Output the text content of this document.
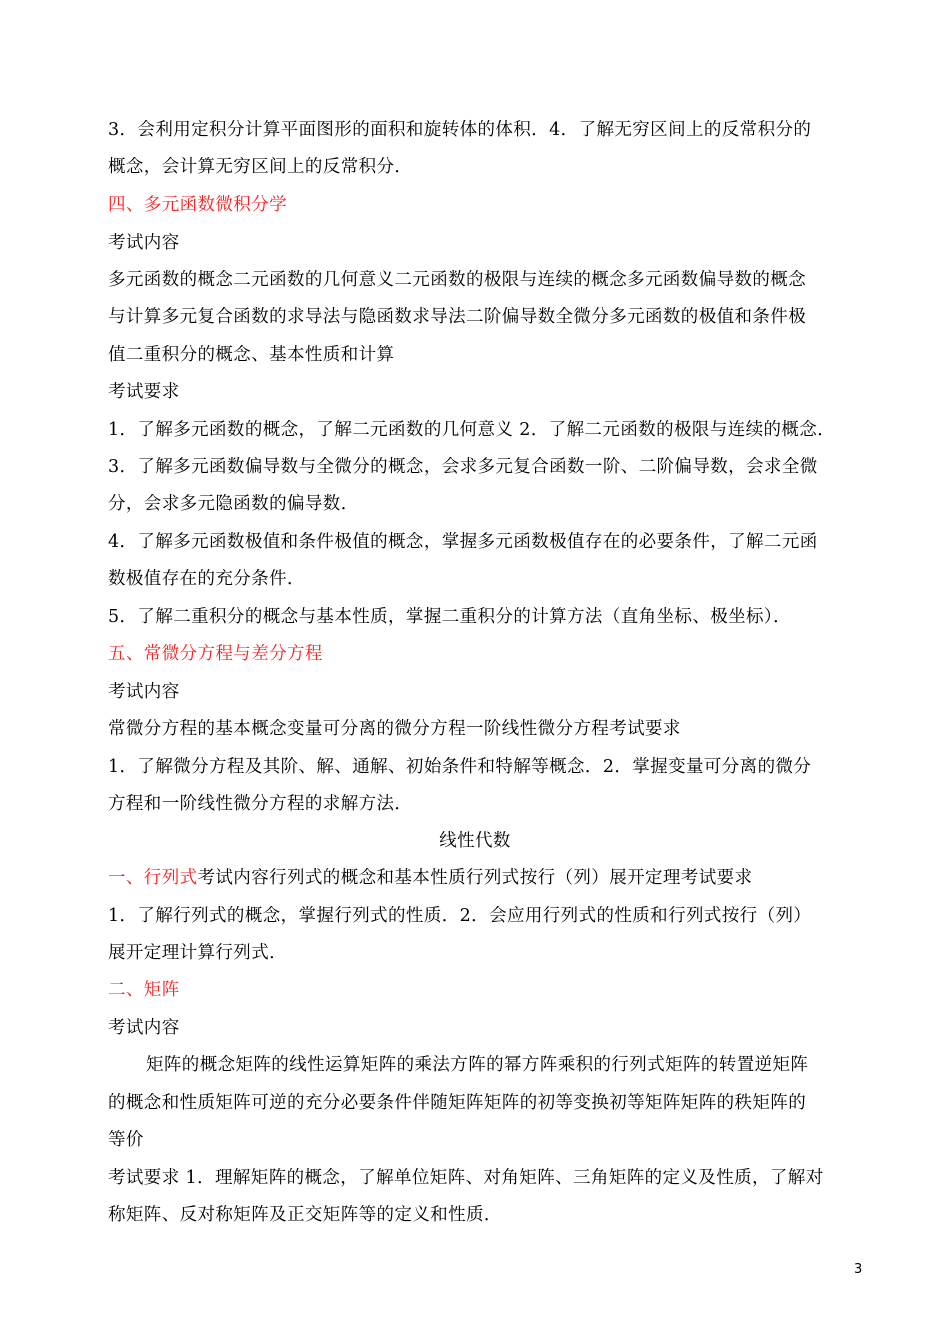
3．会利用定积分计算平面图形的面积和旋转体的体积．4．了解无穷区间上的反常积分的
概念，会计算无穷区间上的反常积分．
四、多元函数微积分学
考试内容
多元函数的概念二元函数的几何意义二元函数的极限与连续的概念多元函数偏导数的概念
与计算多元复合函数的求导法与隐函数求导法二阶偏导数全微分多元函数的极值和条件极
值二重积分的概念、基本性质和计算
考试要求
1．了解多元函数的概念，了解二元函数的几何意义 2．了解二元函数的极限与连续的概念．
3．了解多元函数偏导数与全微分的概念，会求多元复合函数一阶、二阶偏导数，会求全微
分，会求多元隐函数的偏导数．
4．了解多元函数极值和条件极值的概念，掌握多元函数极值存在的必要条件，了解二元函
数极值存在的充分条件．
5．了解二重积分的概念与基本性质，掌握二重积分的计算方法（直角坐标、极坐标）．
五、常微分方程与差分方程
考试内容
常微分方程的基本概念变量可分离的微分方程一阶线性微分方程考试要求
1．了解微分方程及其阶、解、通解、初始条件和特解等概念．2．掌握变量可分离的微分
方程和一阶线性微分方程的求解方法．
线性代数
一、行列式考试内容行列式的概念和基本性质行列式按行（列）展开定理考试要求
1．了解行列式的概念，掌握行列式的性质．2．会应用行列式的性质和行列式按行（列）
展开定理计算行列式．
二、矩阵
考试内容
矩阵的概念矩阵的线性运算矩阵的乘法方阵的幂方阵乘积的行列式矩阵的转置逆矩阵
的概念和性质矩阵可逆的充分必要条件伴随矩阵矩阵的初等变换初等矩阵矩阵的秩矩阵的
等价
考试要求 1．理解矩阵的概念，了解单位矩阵、对角矩阵、三角矩阵的定义及性质，了解对
称矩阵、反对称矩阵及正交矩阵等的定义和性质．
3
